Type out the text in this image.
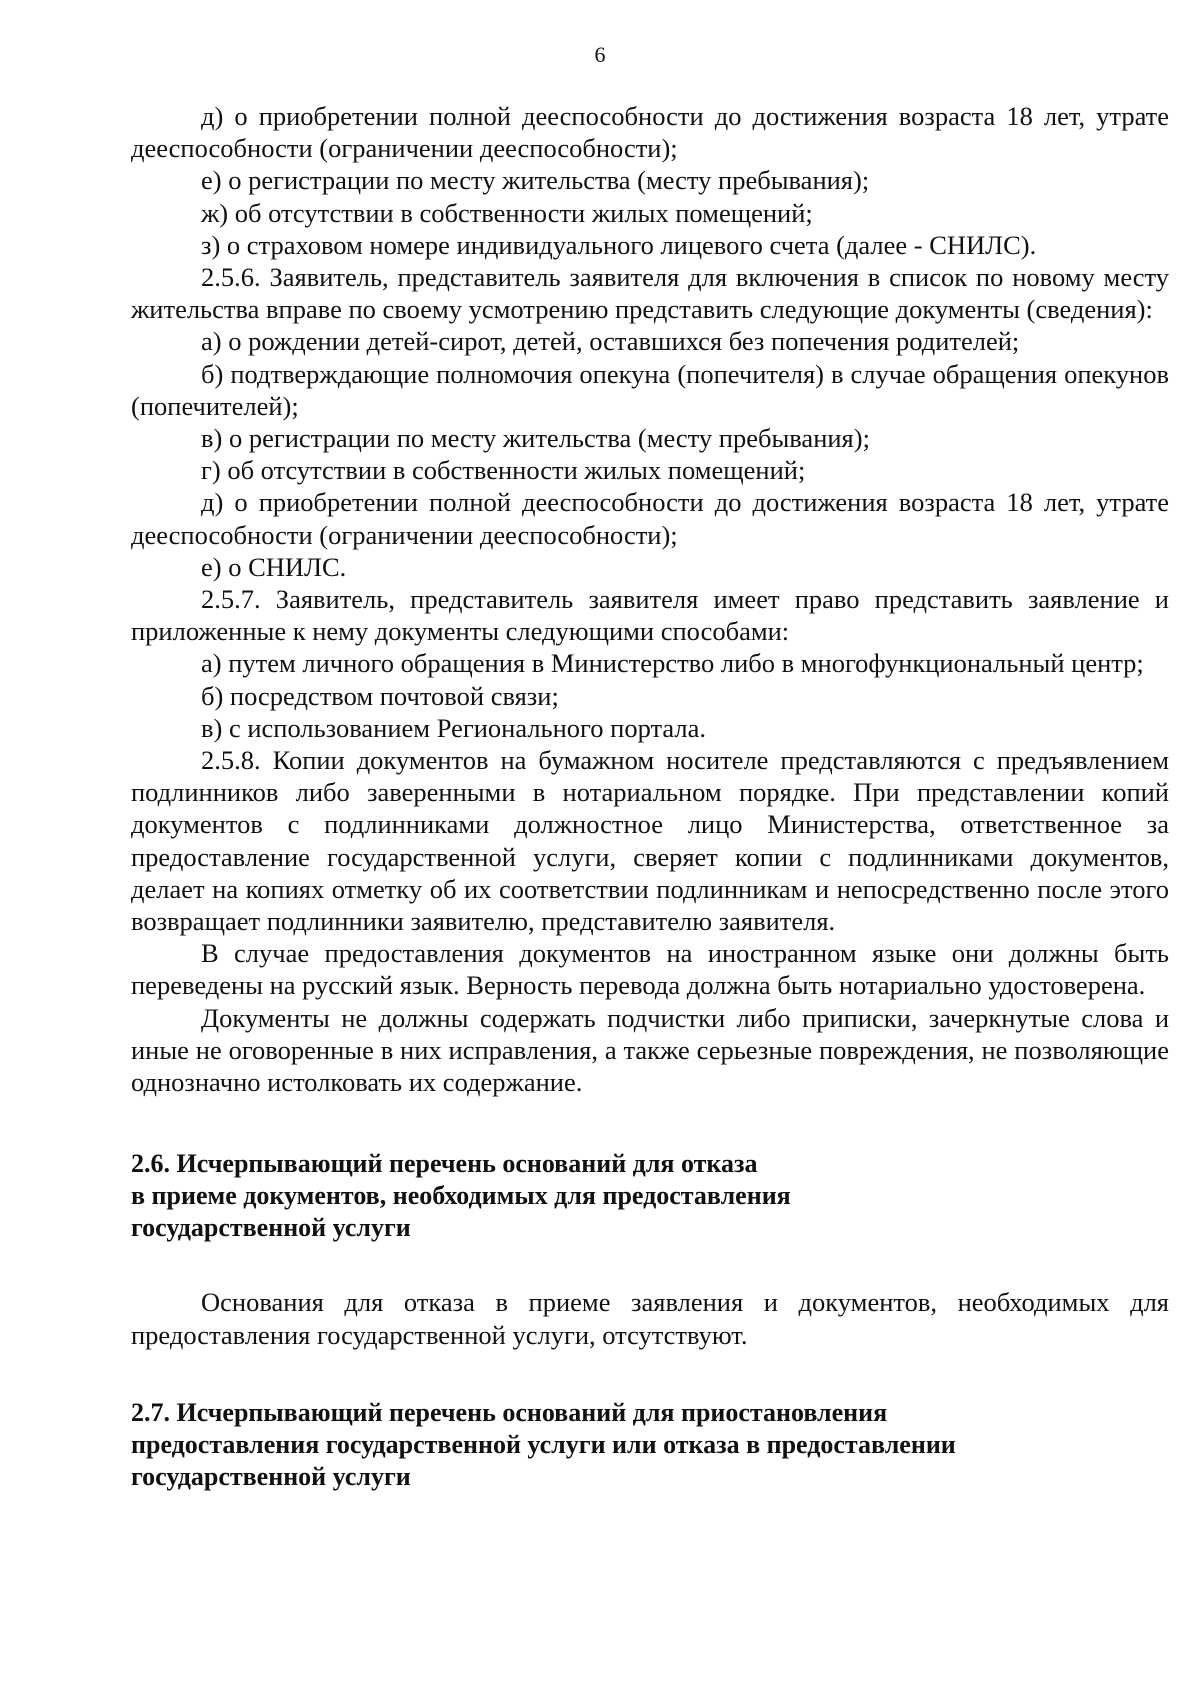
6

д) о приобретении полной дееспособности до достижения возраста 18 лет, утрате дееспособности (ограничении дееспособности);

е) о регистрации по месту жительства (месту пребывания);

ж) об отсутствии в собственности жилых помещений;

з) о страховом номере индивидуального лицевого счета (далее - СНИЛС).

2.5.6. Заявитель, представитель заявителя для включения в список по новому месту жительства вправе по своему усмотрению представить следующие документы (сведения):

а) о рождении детей-сирот, детей, оставшихся без попечения родителей;

б) подтверждающие полномочия опекуна (попечителя) в случае обращения опекунов (попечителей);

в) о регистрации по месту жительства (месту пребывания);

г) об отсутствии в собственности жилых помещений;

д) о приобретении полной дееспособности до достижения возраста 18 лет, утрате дееспособности (ограничении дееспособности);

е) о СНИЛС.

2.5.7. Заявитель, представитель заявителя имеет право представить заявление и приложенные к нему документы следующими способами:

а) путем личного обращения в Министерство либо в многофункциональный центр;

б) посредством почтовой связи;

в) с использованием Регионального портала.

2.5.8. Копии документов на бумажном носителе представляются с предъявлением подлинников либо заверенными в нотариальном порядке. При представлении копий документов с подлинниками должностное лицо Министерства, ответственное за предоставление государственной услуги, сверяет копии с подлинниками документов, делает на копиях отметку об их соответствии подлинникам и непосредственно после этого возвращает подлинники заявителю, представителю заявителя.

В случае предоставления документов на иностранном языке они должны быть переведены на русский язык. Верность перевода должна быть нотариально удостоверена.

Документы не должны содержать подчистки либо приписки, зачеркнутые слова и иные не оговоренные в них исправления, а также серьезные повреждения, не позволяющие однозначно истолковать их содержание.

2.6. Исчерпывающий перечень оснований для отказа
в приеме документов, необходимых для предоставления
государственной услуги

Основания для отказа в приеме заявления и документов, необходимых для предоставления государственной услуги, отсутствуют.

2.7. Исчерпывающий перечень оснований для приостановления
предоставления государственной услуги или отказа в предоставлении
государственной услуги
